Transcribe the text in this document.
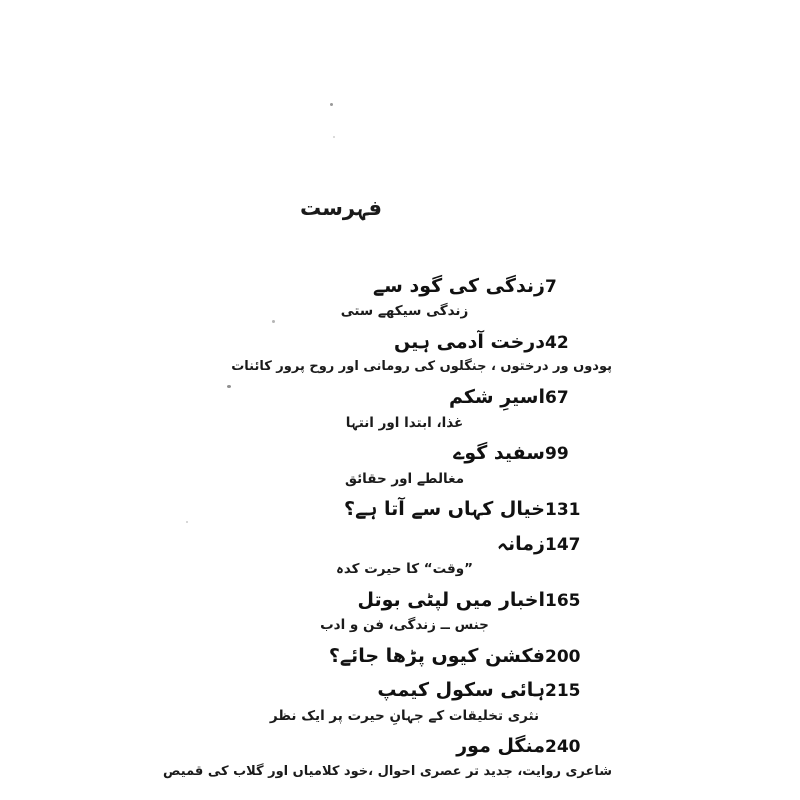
فہرست
زندگی کی گود سے 7
زندگی سیکھے ستی
درخت آدمی ہیں 42
پودوں ور درختوں ، جنگلوں کی رومانی اور روح پرور کائنات
اسیرِ شکم 67
غذا، ابتدا اور انتہا
سفید گوے 99
مغالطے اور حقائق
خیال کہاں سے آتا ہے؟ 131
زمانہ 147
”وقت“ کا حیرت کدہ
اخبار میں لپٹی بوتل 165
جنس ــ زندگی، فن و ادب
فکشن کیوں پڑھا جائے؟ 200
ہائی سکول کیمپ 215
نثری تخلیقات کے جہانِ حیرت پر ایک نظر
منگل مور 240
شاعری روایت، جدید تر عصری احوال ،خود کلامیاں اور گلاب کی قمیص
